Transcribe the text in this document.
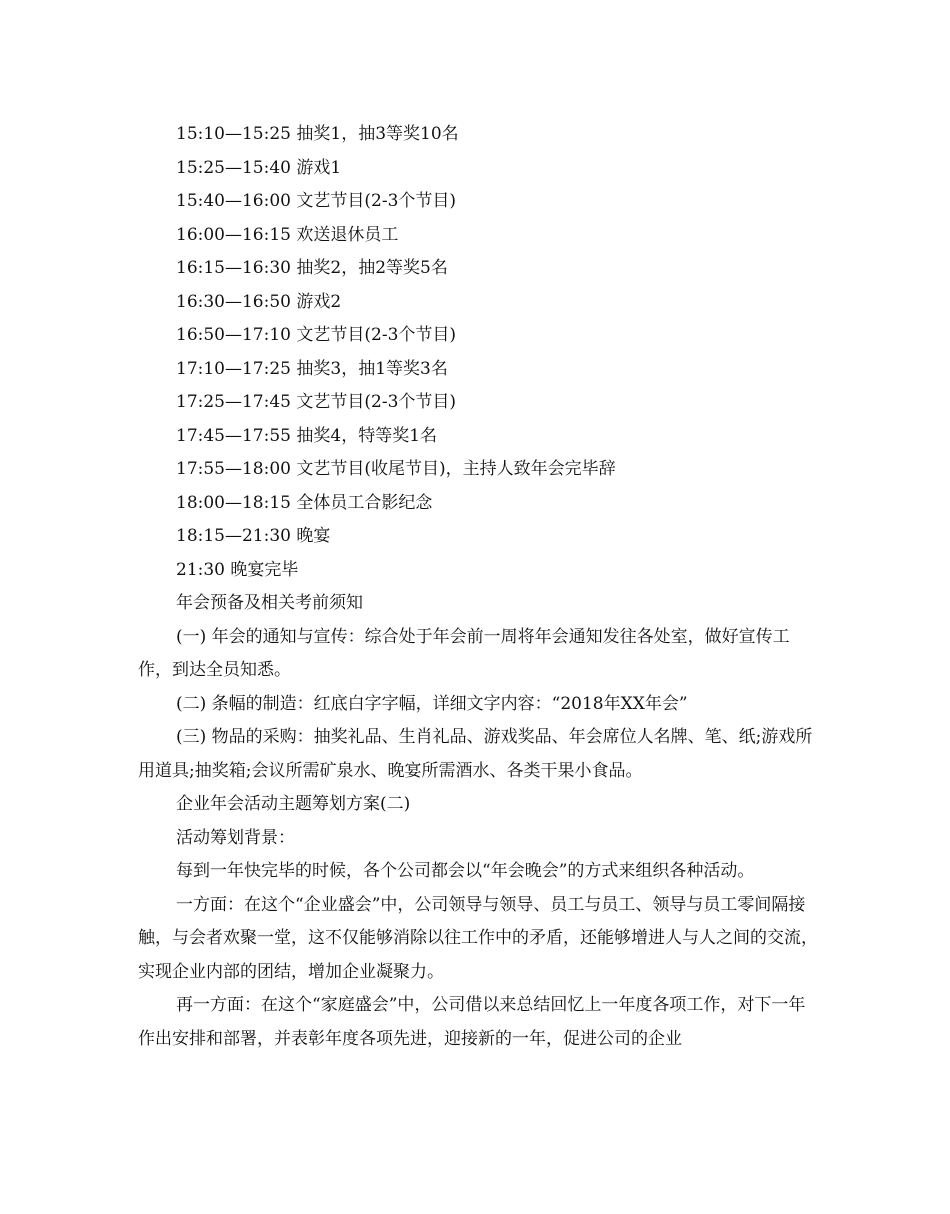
15:10—15:25 抽奖1，抽3等奖10名
15:25—15:40 游戏1
15:40—16:00 文艺节目(2-3个节目)
16:00—16:15 欢送退休员工
16:15—16:30 抽奖2，抽2等奖5名
16:30—16:50 游戏2
16:50—17:10 文艺节目(2-3个节目)
17:10—17:25 抽奖3，抽1等奖3名
17:25—17:45 文艺节目(2-3个节目)
17:45—17:55 抽奖4，特等奖1名
17:55—18:00 文艺节目(收尾节目)，主持人致年会完毕辞
18:00—18:15 全体员工合影纪念
18:15—21:30 晚宴
21:30 晚宴完毕
年会预备及相关考前须知

(一) 年会的通知与宣传：综合处于年会前一周将年会通知发往各处室，做好宣传工作，到达全员知悉。

(二) 条幅的制造：红底白字字幅，详细文字内容：“2018年XX年会”

(三) 物品的采购：抽奖礼品、生肖礼品、游戏奖品、年会席位人名牌、笔、纸;游戏所用道具;抽奖箱;会议所需矿泉水、晚宴所需酒水、各类干果小食品。

企业年会活动主题筹划方案(二)
活动筹划背景：

每到一年快完毕的时候，各个公司都会以“年会晚会”的方式来组织各种活动。

一方面：在这个“企业盛会”中，公司领导与领导、员工与员工、领导与员工零间隔接触，与会者欢聚一堂，这不仅能够消除以往工作中的矛盾，还能够增进人与人之间的交流，实现企业内部的团结，增加企业凝聚力。

再一方面：在这个“家庭盛会”中，公司借以来总结回忆上一年度各项工作，对下一年作出安排和部署，并表彰年度各项先进，迎接新的一年，促进公司的企业
